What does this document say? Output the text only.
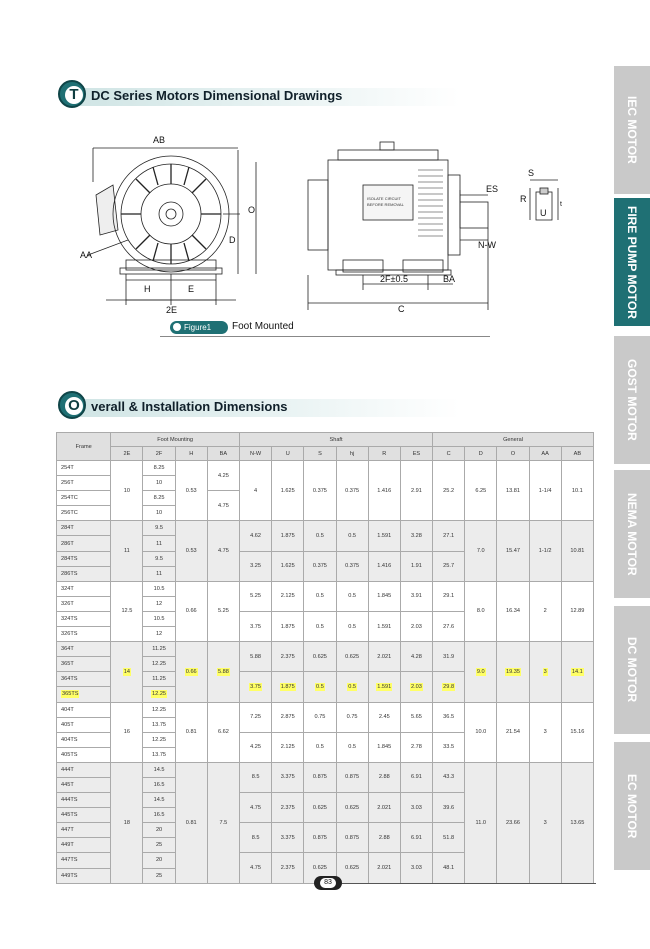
T DC Series Motors Dimensional Drawings
IEC MOTOR
FIRE PUMP MOTOR
GOST MOTOR
NEMA MOTOR
DC MOTOR
EC MOTOR
AB
AA
O
D
H	E
2E
ES
N-W
2F±0.5	BA
C
S
R
U
t
ISOLATE CIRCUIT
BEFORE REMOVAL
Figure1	Foot Mounted
O verall & Installation Dimensions
Frame	Foot Mounting				Shaft						General				
	2E	2F	H	BA	N-W	U	S	hj	R	ES	C	D	O	AA	AB
254T	10	8.25	0.53	4.25	4	1.625	0.375	0.375	1.416	2.91	25.2	6.25	13.81	1-1/4	10.1
256T		10													
254TC		8.25		4.75											
256TC		10													
284T	11	9.5	0.53	4.75	4.62	1.875	0.5	0.5	1.591	3.28	27.1	7.0	15.47	1-1/2	10.81
286T		11													
284TS		9.5			3.25	1.625	0.375	0.375	1.416	1.91	25.7				
286TS		11													
324T	12.5	10.5	0.66	5.25	5.25	2.125	0.5	0.5	1.845	3.91	29.1	8.0	16.34	2	12.89
326T		12													
324TS		10.5			3.75	1.875	0.5	0.5	1.591	2.03	27.6				
326TS		12													
364T	14	11.25	0.66	5.88	5.88	2.375	0.625	0.625	2.021	4.28	31.9	9.0	19.35	3	14.1
365T		12.25													
364TS		11.25			3.75	1.875	0.5	0.5	1.591	2.03	29.8				
365TS		12.25													
404T	16	12.25	0.81	6.62	7.25	2.875	0.75	0.75	2.45	5.65	36.5	10.0	21.54	3	15.16
405T		13.75													
404TS		12.25			4.25	2.125	0.5	0.5	1.845	2.78	33.5				
405TS		13.75													
444T	18	14.5	0.81	7.5	8.5	3.375	0.875	0.875	2.88	6.91	43.3	11.0	23.66	3	13.65
445T		16.5													
444TS		14.5			4.75	2.375	0.625	0.625	2.021	3.03	39.6				
445TS		16.5													
447T		20			8.5	3.375	0.875	0.875	2.88	6.91	51.8				
449T		25													
447TS		20			4.75	2.375	0.625	0.625	2.021	3.03	48.1				
449TS		25													
83
